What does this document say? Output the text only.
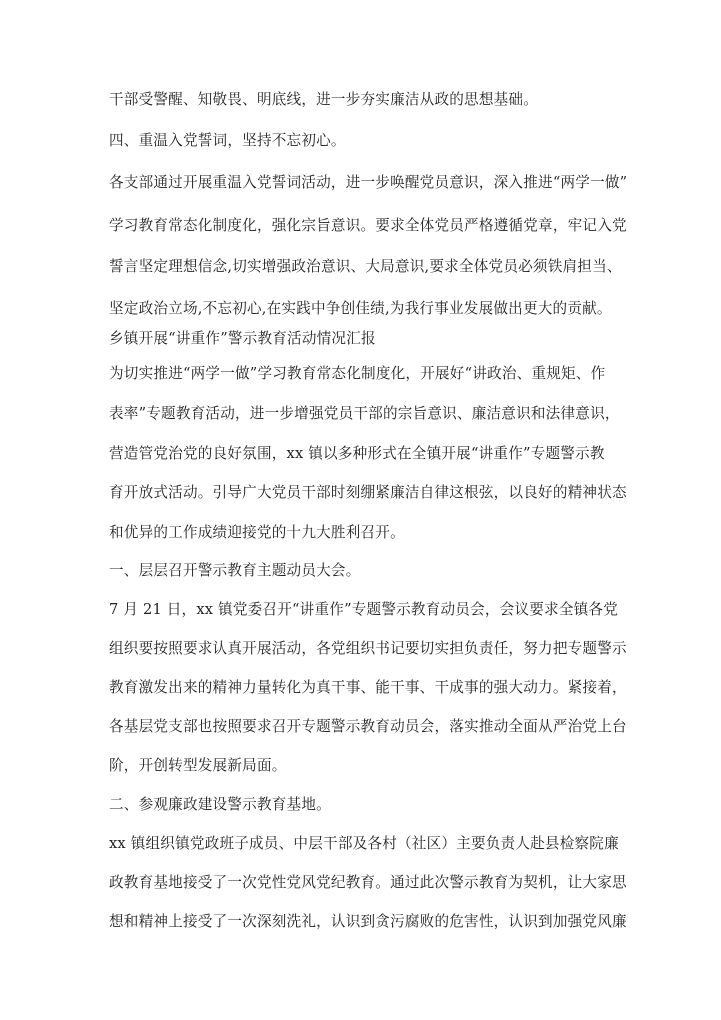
干部受警醒、知敬畏、明底线，进一步夯实廉洁从政的思想基础。
四、重温入党誓词，坚持不忘初心。
各支部通过开展重温入党誓词活动，进一步唤醒党员意识，深入推进“两学一做”
学习教育常态化制度化，强化宗旨意识。要求全体党员严格遵循党章，牢记入党
誓言坚定理想信念,切实增强政治意识、大局意识,要求全体党员必须铁肩担当、
坚定政治立场,不忘初心,在实践中争创佳绩,为我行事业发展做出更大的贡献。
乡镇开展“讲重作”警示教育活动情况汇报
为切实推进“两学一做”学习教育常态化制度化，开展好“讲政治、重规矩、作
表率”专题教育活动，进一步增强党员干部的宗旨意识、廉洁意识和法律意识，
营造管党治党的良好氛围，xx 镇以多种形式在全镇开展“讲重作”专题警示教
育开放式活动。引导广大党员干部时刻绷紧廉洁自律这根弦，以良好的精神状态
和优异的工作成绩迎接党的十九大胜利召开。
一、层层召开警示教育主题动员大会。
7 月 21 日，xx 镇党委召开“讲重作”专题警示教育动员会，会议要求全镇各党
组织要按照要求认真开展活动，各党组织书记要切实担负责任，努力把专题警示
教育激发出来的精神力量转化为真干事、能干事、干成事的强大动力。紧接着，
各基层党支部也按照要求召开专题警示教育动员会，落实推动全面从严治党上台
阶，开创转型发展新局面。
二、参观廉政建设警示教育基地。
xx 镇组织镇党政班子成员、中层干部及各村（社区）主要负责人赴县检察院廉
政教育基地接受了一次党性党风党纪教育。通过此次警示教育为契机，让大家思
想和精神上接受了一次深刻洗礼，认识到贪污腐败的危害性，认识到加强党风廉
